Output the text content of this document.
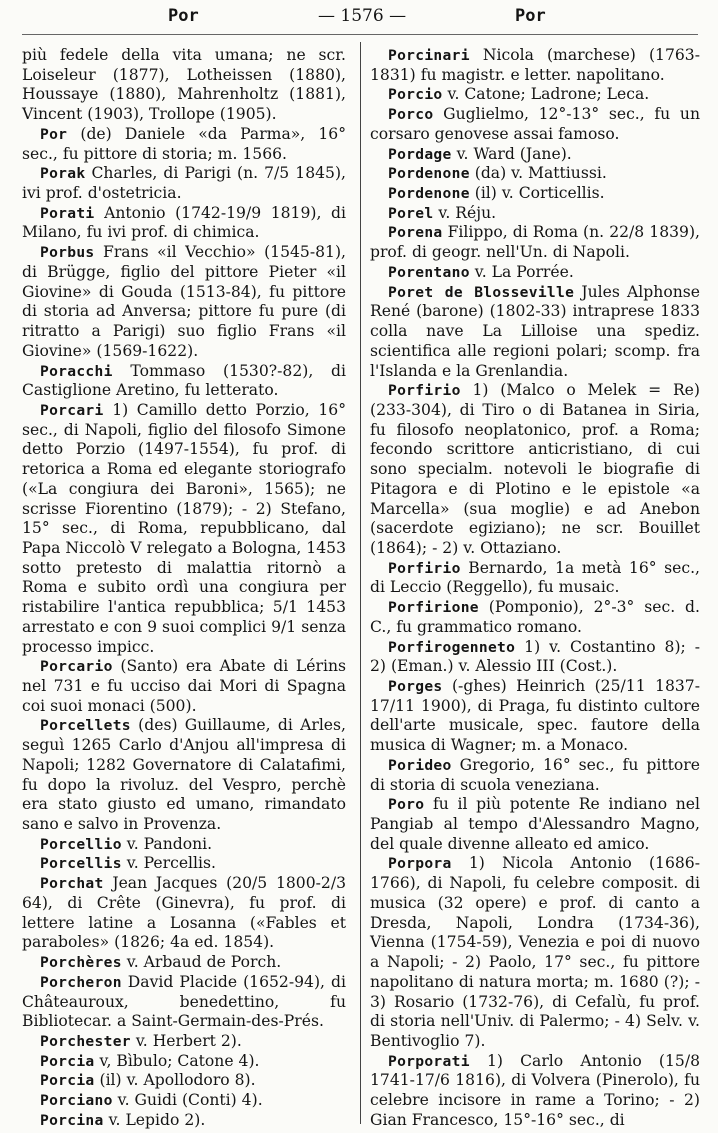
Por	— 1576 —	Por
più fedele della vita umana; ne scr. Loiseleur (1877), Lotheissen (1880), Houssaye (1880), Mahrenholtz (1881), Vincent (1903), Trollope (1905).
Por (de) Daniele «da Parma», 16° sec., fu pittore di storia; m. 1566.
Porak Charles, di Parigi (n. 7/5 1845), ivi prof. d'ostetricia.
Porati Antonio (1742-19/9 1819), di Milano, fu ivi prof. di chimica.
Porbus Frans «il Vecchio» (1545-81), di Brügge, figlio del pittore Pieter «il Giovine» di Gouda (1513-84), fu pittore di storia ad Anversa; pittore fu pure (di ritratto a Parigi) suo figlio Frans «il Giovine» (1569-1622).
Poracchi Tommaso (1530?-82), di Castiglione Aretino, fu letterato.
Porcari 1) Camillo detto Porzio, 16° sec., di Napoli, figlio del filosofo Simone detto Porzio (1497-1554), fu prof. di retorica a Roma ed elegante storiografo («La congiura dei Baroni», 1565); ne scrisse Fiorentino (1879); - 2) Stefano, 15° sec., di Roma, repubblicano, dal Papa Niccolò V relegato a Bologna, 1453 sotto pretesto di malattia ritornò a Roma e subito ordì una congiura per ristabilire l'antica repubblica; 5/1 1453 arrestato e con 9 suoi complici 9/1 senza processo impicc.
Porcario (Santo) era Abate di Lérins nel 731 e fu ucciso dai Mori di Spagna coi suoi monaci (500).
Porcellets (des) Guillaume, di Arles, seguì 1265 Carlo d'Anjou all'impresa di Napoli; 1282 Governatore di Calatafimi, fu dopo la rivoluz. del Vespro, perchè era stato giusto ed umano, rimandato sano e salvo in Provenza.
Porcellio v. Pandoni.
Porcellis v. Percellis.
Porchat Jean Jacques (20/5 1800-2/3 64), di Crête (Ginevra), fu prof. di lettere latine a Losanna («Fables et paraboles» (1826; 4a ed. 1854).
Porchères v. Arbaud de Porch.
Porcheron David Placide (1652-94), di Châteauroux, benedettino, fu Bibliotecar. a Saint-Germain-des-Prés.
Porchester v. Herbert 2).
Porcia v, Bìbulo; Catone 4).
Porcia (il) v. Apollodoro 8).
Porciano v. Guidi (Conti) 4).
Porcina v. Lepido 2).
Porcinari Nicola (marchese) (1763-1831) fu magistr. e letter. napolitano.
Porcio v. Catone; Ladrone; Leca.
Porco Guglielmo, 12°-13° sec., fu un corsaro genovese assai famoso.
Pordage v. Ward (Jane).
Pordenone (da) v. Mattiussi.
Pordenone (il) v. Corticellis.
Porel v. Réju.
Porena Filippo, di Roma (n. 22/8 1839), prof. di geogr. nell'Un. di Napoli.
Porentano v. La Porrée.
Poret de Blosseville Jules Alphonse René (barone) (1802-33) intraprese 1833 colla nave La Lilloise una spediz. scientifica alle regioni polari; scomp. fra l'Islanda e la Grenlandia.
Porfirio 1) (Malco o Melek = Re) (233-304), di Tiro o di Batanea in Siria, fu filosofo neoplatonico, prof. a Roma; fecondo scrittore anticristiano, di cui sono specialm. notevoli le biografie di Pitagora e di Plotino e le epistole «a Marcella» (sua moglie) e ad Anebon (sacerdote egiziano); ne scr. Bouillet (1864); - 2) v. Ottaziano.
Porfirio Bernardo, 1a metà 16° sec., di Leccio (Reggello), fu musaic.
Porfirione (Pomponio), 2°-3° sec. d. C., fu grammatico romano.
Porfirogenneto 1) v. Costantino 8); - 2) (Eman.) v. Alessio III (Cost.).
Porges (-ghes) Heinrich (25/11 1837-17/11 1900), di Praga, fu distinto cultore dell'arte musicale, spec. fautore della musica di Wagner; m. a Monaco.
Porideo Gregorio, 16° sec., fu pittore di storia di scuola veneziana.
Poro fu il più potente Re indiano nel Pangiab al tempo d'Alessandro Magno, del quale divenne alleato ed amico.
Porpora 1) Nicola Antonio (1686-1766), di Napoli, fu celebre composit. di musica (32 opere) e prof. di canto a Dresda, Napoli, Londra (1734-36), Vienna (1754-59), Venezia e poi di nuovo a Napoli; - 2) Paolo, 17° sec., fu pittore napolitano di natura morta; m. 1680 (?); - 3) Rosario (1732-76), di Cefalù, fu prof. di storia nell'Univ. di Palermo; - 4) Selv. v. Bentivoglio 7).
Porporati 1) Carlo Antonio (15/8 1741-17/6 1816), di Volvera (Pinerolo), fu celebre incisore in rame a Torino; - 2) Gian Francesco, 15°-16° sec., di
